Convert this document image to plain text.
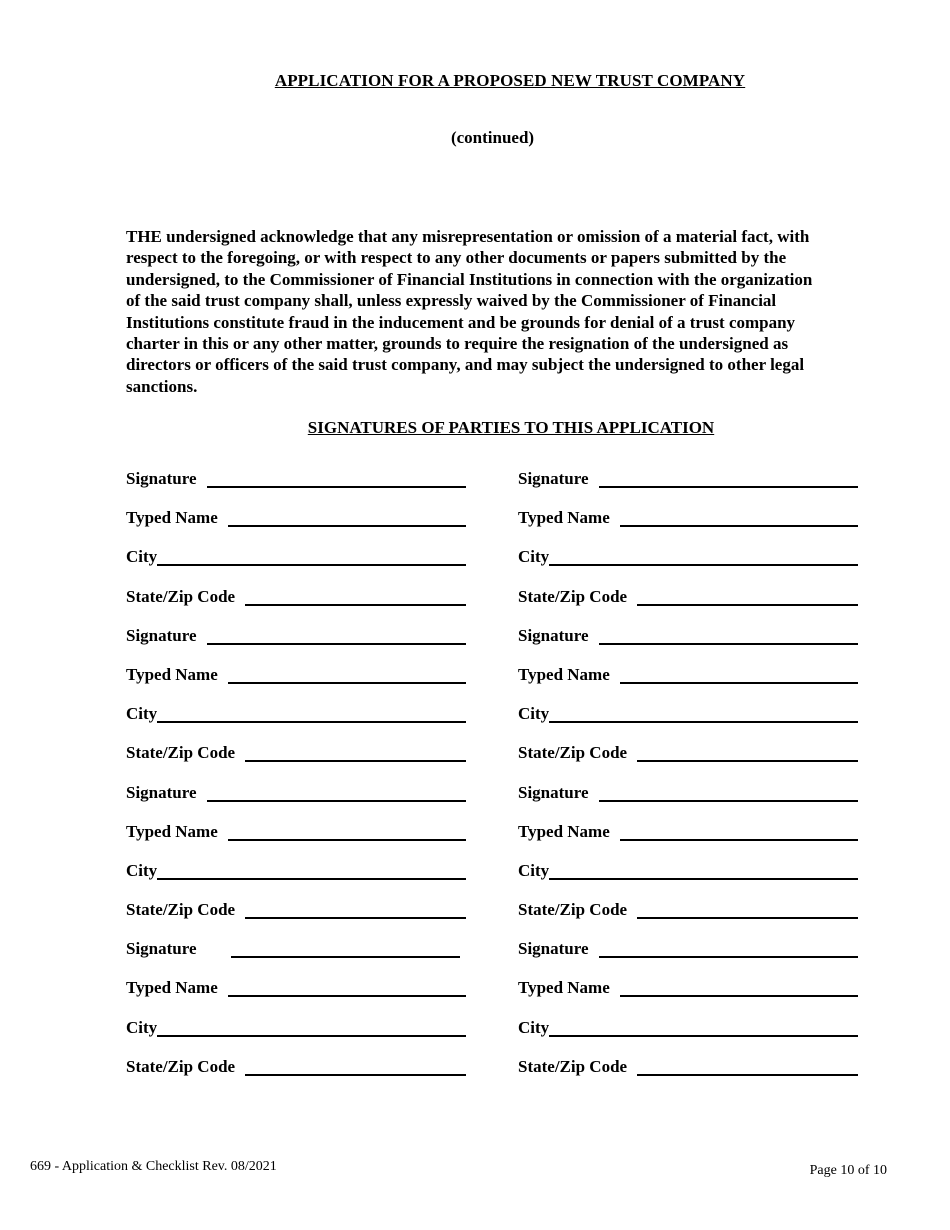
APPLICATION FOR A PROPOSED NEW TRUST COMPANY
(continued)
THE undersigned acknowledge that any misrepresentation or omission of a material fact, with respect to the foregoing, or with respect to any other documents or papers submitted by the undersigned, to the Commissioner of Financial Institutions in connection with the organization of the said trust company shall, unless expressly waived by the Commissioner of Financial Institutions constitute fraud in the inducement and be grounds for denial of a trust company charter in this or any other matter, grounds to require the resignation of the undersigned as directors or officers of the said trust company, and may subject the undersigned to other legal sanctions.
SIGNATURES OF PARTIES TO THIS APPLICATION
Signature
Typed Name
City
State/Zip Code
Signature
Typed Name
City
State/Zip Code
Signature
Typed Name
City
State/Zip Code
Signature
Typed Name
City
State/Zip Code
Signature
Typed Name
City
State/Zip Code
Signature
Typed Name
City
State/Zip Code
Signature
Typed Name
City
State/Zip Code
Signature
Typed Name
City
State/Zip Code
669 - Application & Checklist Rev. 08/2021	Page 10 of 10
